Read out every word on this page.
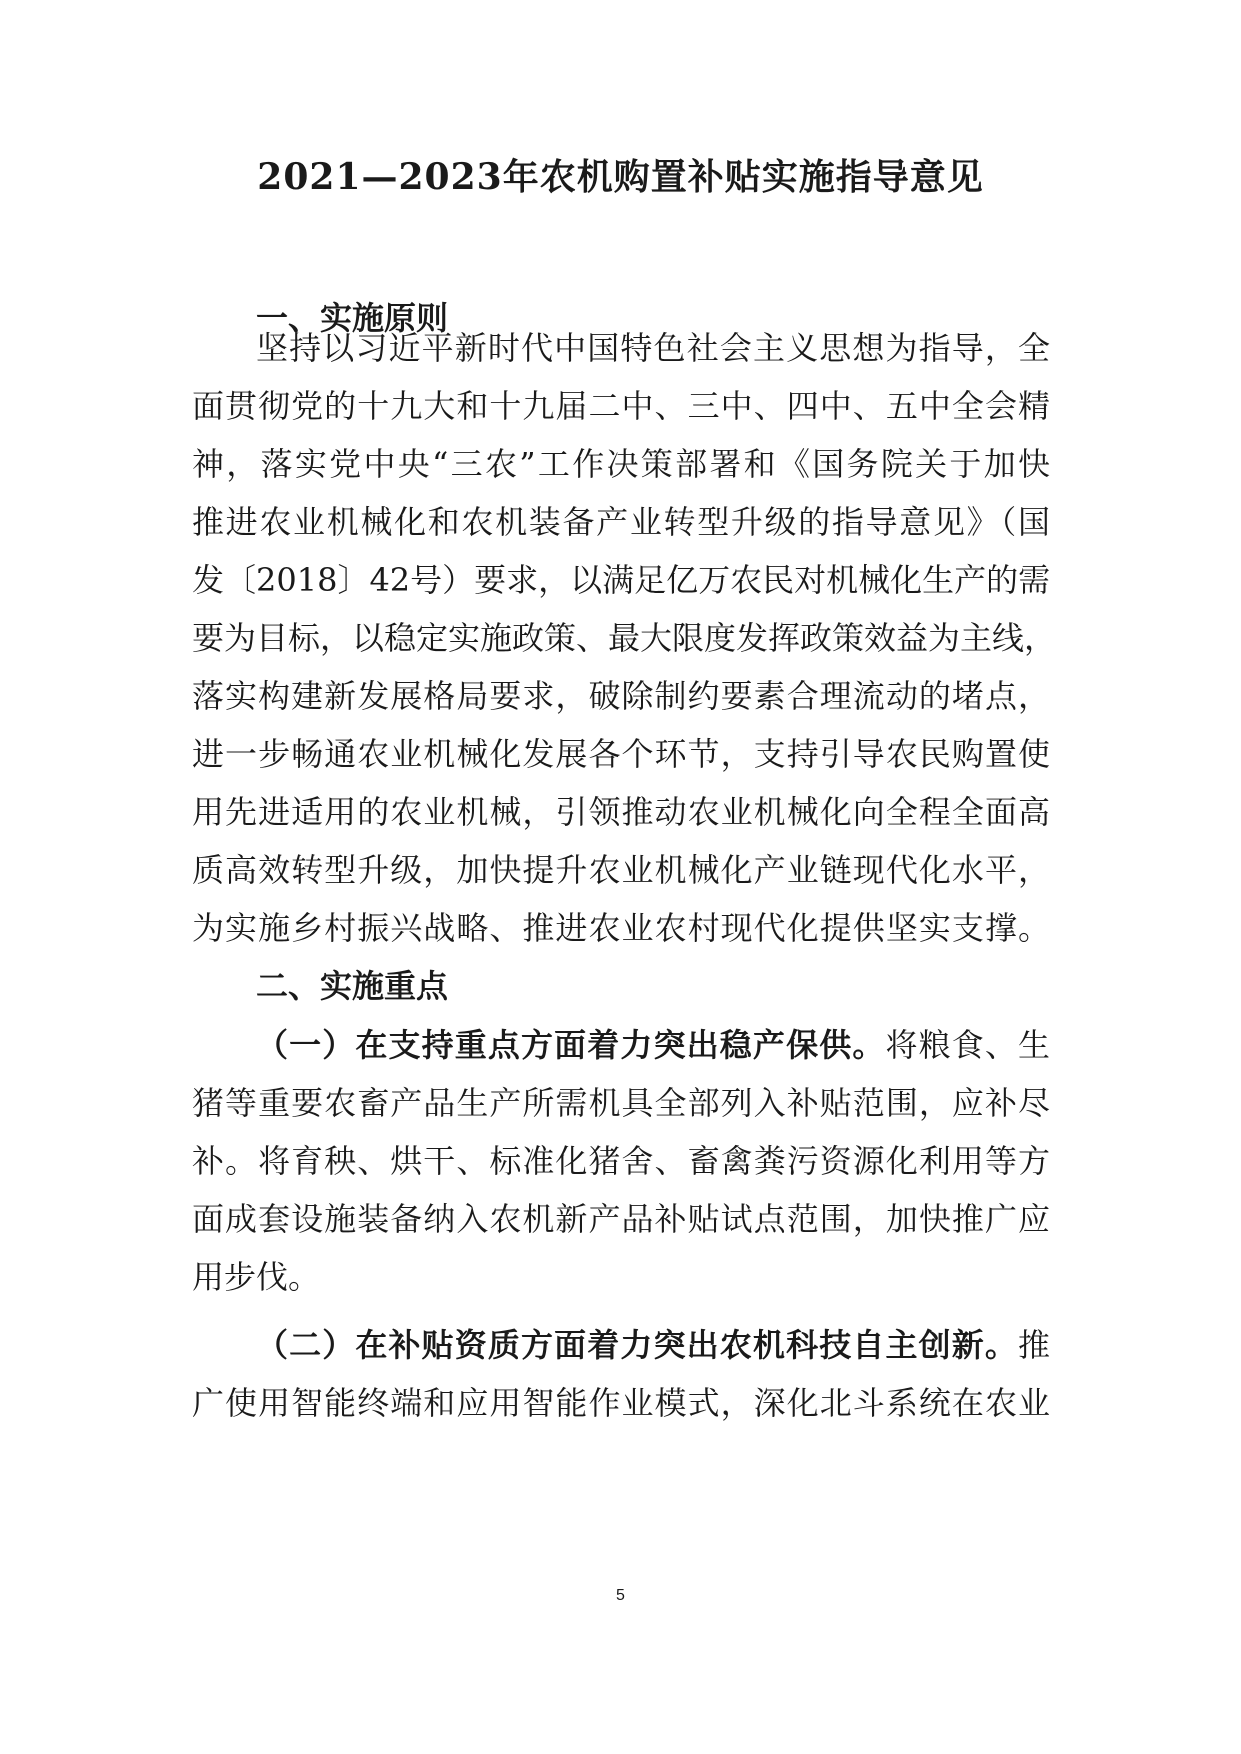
2021—2023年农机购置补贴实施指导意见
一、实施原则
坚持以习近平新时代中国特色社会主义思想为指导，全
面贯彻党的十九大和十九届二中、三中、四中、五中全会精
神，落实党中央“三农”工作决策部署和《国务院关于加快
推进农业机械化和农机装备产业转型升级的指导意见》（国
发〔2018〕42号）要求，以满足亿万农民对机械化生产的需
要为目标，以稳定实施政策、最大限度发挥政策效益为主线，
落实构建新发展格局要求，破除制约要素合理流动的堵点，
进一步畅通农业机械化发展各个环节，支持引导农民购置使
用先进适用的农业机械，引领推动农业机械化向全程全面高
质高效转型升级，加快提升农业机械化产业链现代化水平，
为实施乡村振兴战略、推进农业农村现代化提供坚实支撑。
二、实施重点
（一）在支持重点方面着力突出稳产保供。将粮食、生
猪等重要农畜产品生产所需机具全部列入补贴范围，应补尽
补。将育秧、烘干、标准化猪舍、畜禽粪污资源化利用等方
面成套设施装备纳入农机新产品补贴试点范围，加快推广应
用步伐。
（二）在补贴资质方面着力突出农机科技自主创新。推
广使用智能终端和应用智能作业模式，深化北斗系统在农业
5
